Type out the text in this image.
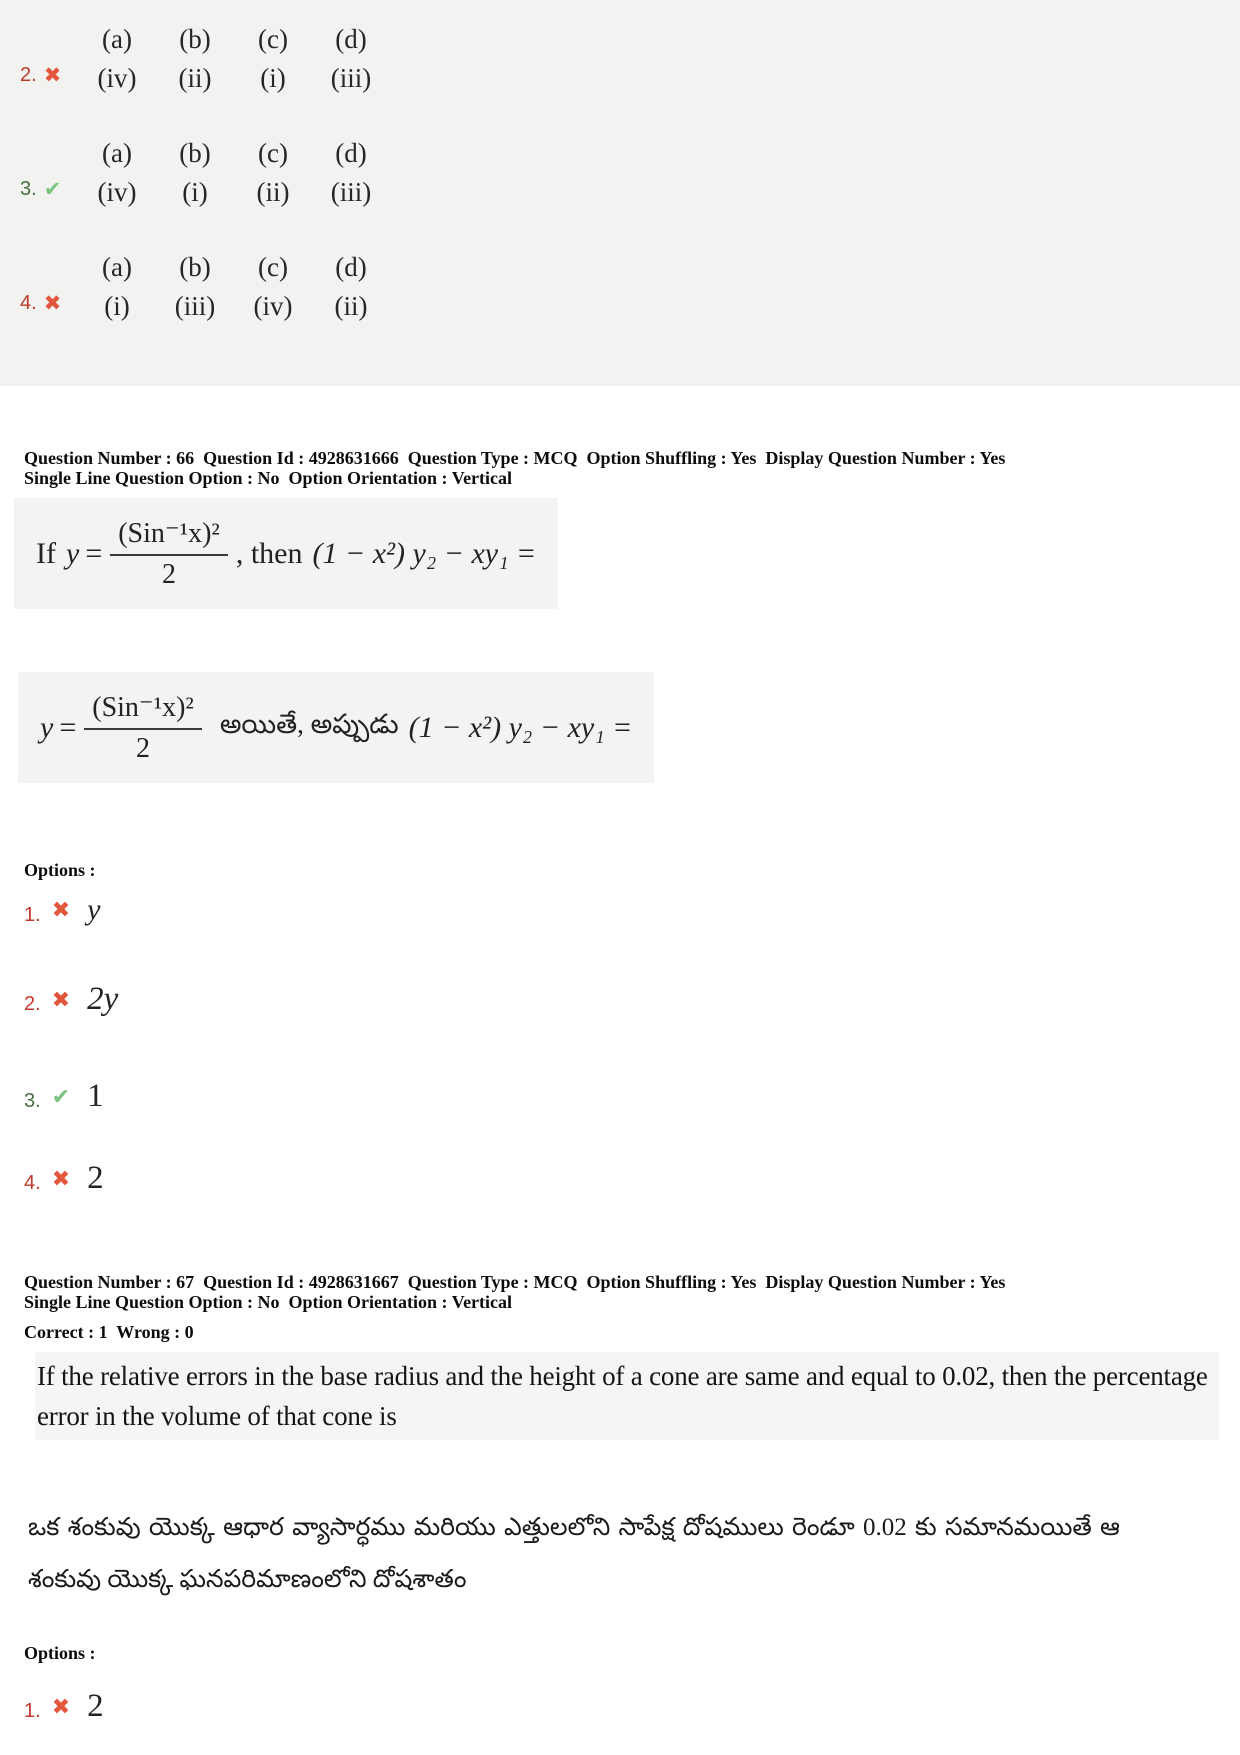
2. ✖
(a)
(iv)
(b)
(ii)
(c)
(i)
(d)
(iii)
3. ✔
(a)
(iv)
(b)
(i)
(c)
(ii)
(d)
(iii)
4. ✖
(a)
(i)
(b)
(iii)
(c)
(iv)
(d)
(ii)
Question Number : 66  Question Id : 4928631666  Question Type : MCQ  Option Shuffling : Yes  Display Question Number : Yes
Single Line Question Option : No  Option Orientation : Vertical
If $y = \frac{\text{(Sin⁻¹x)²}}{2}$ , then (1 − x²) y₂ − xy₁ =
$y = \frac{\text{(Sin⁻¹x)²}}{2}$ అయితే, అప్పుడు (1 − x²) y₂ − xy₁ =
Options :
1. ✖ y
2. ✖ 2y
3. ✔ 1
4. ✖ 2
Question Number : 67  Question Id : 4928631667  Question Type : MCQ  Option Shuffling : Yes  Display Question Number : Yes
Single Line Question Option : No  Option Orientation : Vertical
Correct : 1  Wrong : 0
If the relative errors in the base radius and the height of a cone are same and equal to 0.02, then the percentage error in the volume of that cone is
ఒక శంకువు యొక్క ఆధార వ్యాసార్ధము మరియు ఎత్తులలోని సాపేక్ష దోషములు రెండూ 0.02 కు సమానమయితే ఆ శంకువు యొక్క ఘనపరిమాణంలోని దోషశాతం
Options :
1. ✖ 2
